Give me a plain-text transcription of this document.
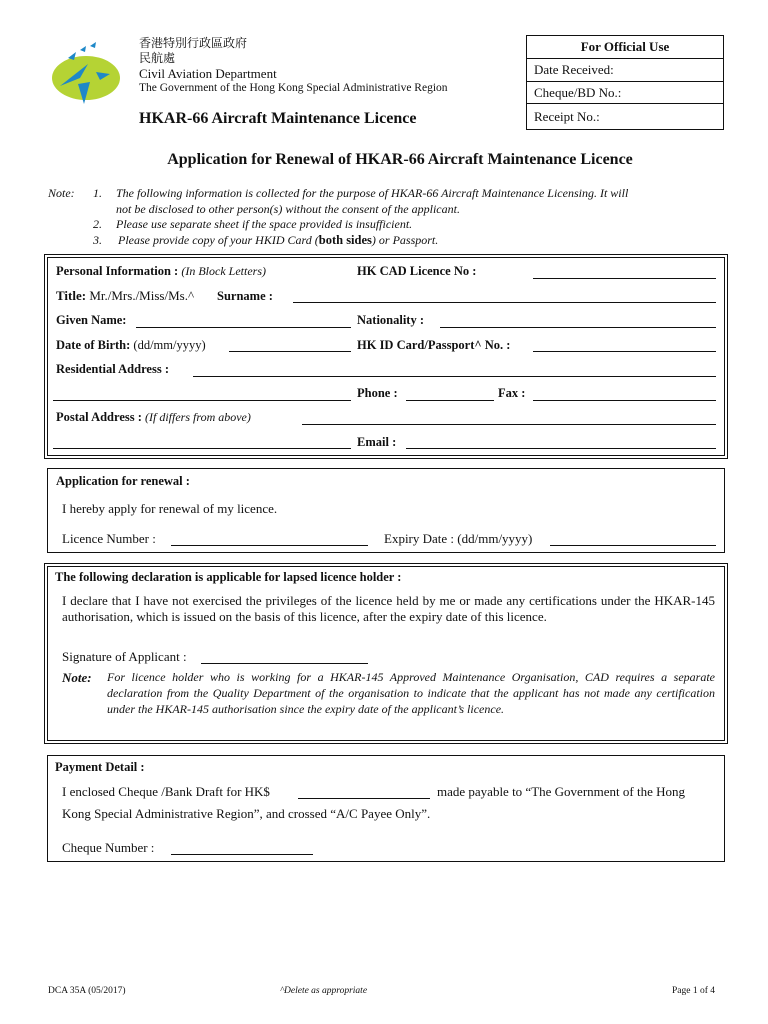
香港特別行政區政府
民航處
Civil Aviation Department
The Government of the Hong Kong Special Administrative Region
HKAR-66 Aircraft Maintenance Licence
For Official Use
Date Received:
Cheque/BD No.:
Receipt No.:
Application for Renewal of HKAR-66 Aircraft Maintenance Licence
Note: 1. The following information is collected for the purpose of HKAR-66 Aircraft Maintenance Licensing. It will
not be disclosed to other person(s) without the consent of the applicant.
2. Please use separate sheet if the space provided is insufficient.
3. Please provide copy of your HKID Card (both sides) or Passport.
Personal Information : (In Block Letters)	HK CAD Licence No :
Title: Mr./Mrs./Miss/Ms.^ Surname :
Given Name:	Nationality :
Date of Birth: (dd/mm/yyyy)	HK ID Card/Passport^ No. :
Residential Address :
Phone :	Fax :
Postal Address : (If differs from above)
Email :
Application for renewal :
I hereby apply for renewal of my licence.
Licence Number :	Expiry Date : (dd/mm/yyyy)
The following declaration is applicable for lapsed licence holder :
I declare that I have not exercised the privileges of the licence held by me or made any certifications under the HKAR-145 authorisation, which is issued on the basis of this licence, after the expiry date of this licence.
Signature of Applicant :
Note: For licence holder who is working for a HKAR-145 Approved Maintenance Organisation, CAD requires a separate declaration from the Quality Department of the organisation to indicate that the applicant has not made any certification under the HKAR-145 authorisation since the expiry date of the applicant’s licence.
Payment Detail :
I enclosed Cheque /Bank Draft for HK$	made payable to “The Government of the Hong
Kong Special Administrative Region”, and crossed “A/C Payee Only”.
Cheque Number :
DCA 35A (05/2017)	^Delete as appropriate	Page 1 of 4
